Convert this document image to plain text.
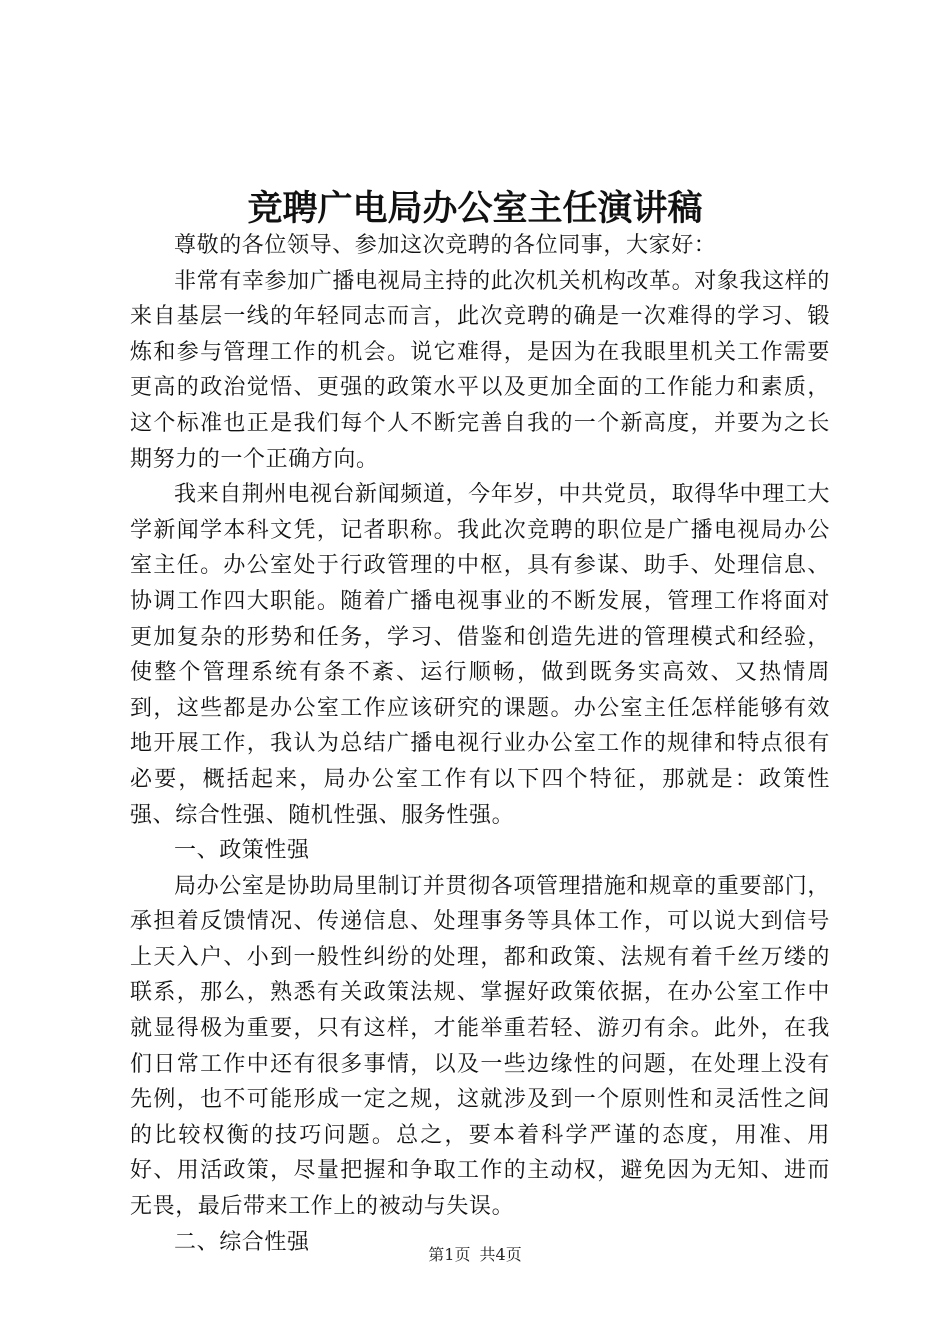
竞聘广电局办公室主任演讲稿

尊敬的各位领导、参加这次竞聘的各位同事，大家好：

非常有幸参加广播电视局主持的此次机关机构改革。对象我这样的来自基层一线的年轻同志而言，此次竞聘的确是一次难得的学习、锻炼和参与管理工作的机会。说它难得，是因为在我眼里机关工作需要更高的政治觉悟、更强的政策水平以及更加全面的工作能力和素质，这个标准也正是我们每个人不断完善自我的一个新高度，并要为之长期努力的一个正确方向。

我来自荆州电视台新闻频道，今年岁，中共党员，取得华中理工大学新闻学本科文凭，记者职称。我此次竞聘的职位是广播电视局办公室主任。办公室处于行政管理的中枢，具有参谋、助手、处理信息、协调工作四大职能。随着广播电视事业的不断发展，管理工作将面对更加复杂的形势和任务，学习、借鉴和创造先进的管理模式和经验，使整个管理系统有条不紊、运行顺畅，做到既务实高效、又热情周到，这些都是办公室工作应该研究的课题。办公室主任怎样能够有效地开展工作，我认为总结广播电视行业办公室工作的规律和特点很有必要，概括起来，局办公室工作有以下四个特征，那就是：政策性强、综合性强、随机性强、服务性强。

一、政策性强

局办公室是协助局里制订并贯彻各项管理措施和规章的重要部门，承担着反馈情况、传递信息、处理事务等具体工作，可以说大到信号上天入户、小到一般性纠纷的处理，都和政策、法规有着千丝万缕的联系，那么，熟悉有关政策法规、掌握好政策依据，在办公室工作中就显得极为重要，只有这样，才能举重若轻、游刃有余。此外，在我们日常工作中还有很多事情，以及一些边缘性的问题，在处理上没有先例，也不可能形成一定之规，这就涉及到一个原则性和灵活性之间的比较权衡的技巧问题。总之，要本着科学严谨的态度，用准、用好、用活政策，尽量把握和争取工作的主动权，避免因为无知、进而无畏，最后带来工作上的被动与失误。

二、综合性强	第1页 共4页
